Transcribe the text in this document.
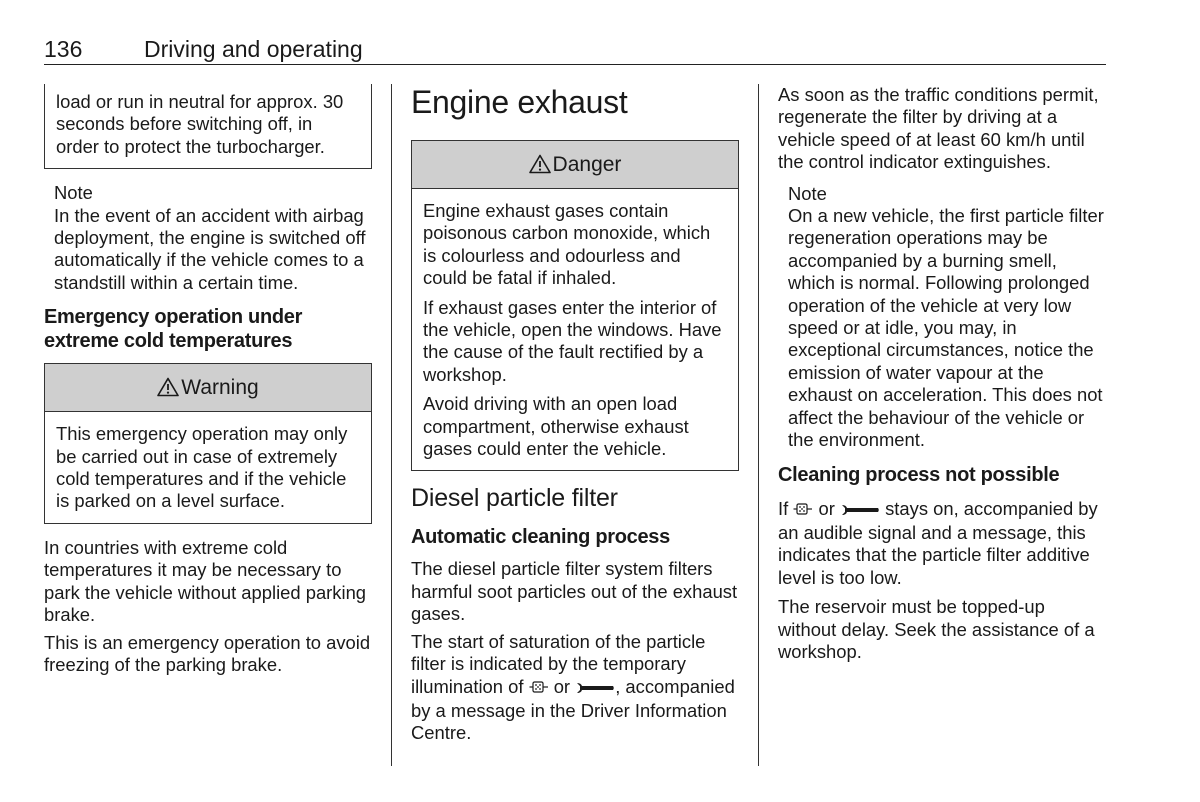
136	Driving and operating

load or run in neutral for approx. 30 seconds before switching off, in order to protect the turbocharger.

Note

In the event of an accident with airbag deployment, the engine is switched off automatically if the vehicle comes to a standstill within a certain time.

Emergency operation under extreme cold temperatures
Warning

This emergency operation may only be carried out in case of extremely cold temperatures and if the vehicle is parked on a level surface.

In countries with extreme cold temperatures it may be necessary to park the vehicle without applied parking brake.

This is an emergency operation to avoid freezing of the parking brake.

Engine exhaust
Danger

Engine exhaust gases contain poisonous carbon monoxide, which is colourless and odourless and could be fatal if inhaled.

If exhaust gases enter the interior of the vehicle, open the windows. Have the cause of the fault rectified by a workshop.

Avoid driving with an open load compartment, otherwise exhaust gases could enter the vehicle.

Diesel particle filter
Automatic cleaning process

The diesel particle filter system filters harmful soot particles out of the exhaust gases.

The start of saturation of the particle filter is indicated by the temporary illumination of or , accompanied by a message in the Driver Information Centre.

As soon as the traffic conditions permit, regenerate the filter by driving at a vehicle speed of at least 60 km/h until the control indicator extinguishes.

Note

On a new vehicle, the first particle filter regeneration operations may be accompanied by a burning smell, which is normal. Following prolonged operation of the vehicle at very low speed or at idle, you may, in exceptional circumstances, notice the emission of water vapour at the exhaust on acceleration. This does not affect the behaviour of the vehicle or the environment.

Cleaning process not possible

If or	stays on, accompanied by an audible signal and a message, this indicates that the particle filter additive level is too low.

The reservoir must be topped-up without delay. Seek the assistance of a workshop.
